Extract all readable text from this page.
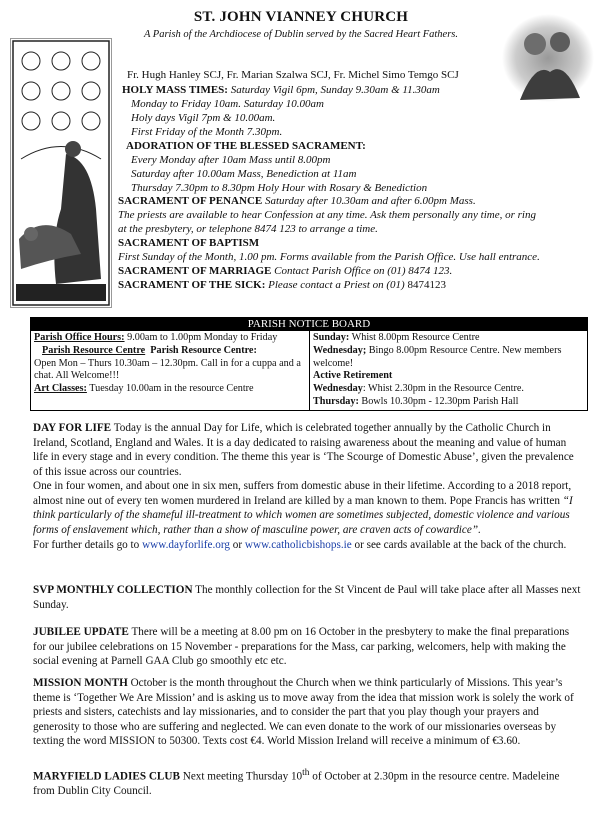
ST. JOHN VIANNEY CHURCH
A Parish of the Archdiocese of Dublin served by the Sacred Heart Fathers.
Fr. Hugh Hanley SCJ, Fr. Marian Szalwa SCJ, Fr. Michel Simo Temgo SCJ
HOLY MASS TIMES: Saturday Vigil 6pm, Sunday 9.30am & 11.30am
Monday to Friday 10am. Saturday 10.00am
Holy days Vigil 7pm & 10.00am.
First Friday of the Month 7.30pm.
ADORATION OF THE BLESSED SACRAMENT:
Every Monday after 10am Mass until 8.00pm
Saturday after 10.00am Mass, Benediction at 11am
Thursday 7.30pm to 8.30pm Holy Hour with Rosary & Benediction
SACRAMENT OF PENANCE Saturday after 10.30am and after 6.00pm Mass.
The priests are available to hear Confession at any time. Ask them personally any time, or ring
at the presbytery, or telephone 8474 123 to arrange a time.
SACRAMENT OF BAPTISM
First Sunday of the Month, 1.00 pm. Forms available from the Parish Office. Use hall entrance.
SACRAMENT OF MARRIAGE Contact Parish Office on (01) 8474 123.
SACRAMENT OF THE SICK: Please contact a Priest on (01) 8474123
PARISH NOTICE BOARD
Parish Office Hours: 9.00am to 1.00pm Monday to Friday
Parish Resource Centre Parish Resource Centre:
Open Mon – Thurs 10.30am – 12.30pm. Call in for a cuppa and a chat. All Welcome!!!
Art Classes: Tuesday 10.00am in the resource Centre
Sunday: Whist 8.00pm Resource Centre
Wednesday; Bingo 8.00pm Resource Centre. New members welcome!
Active Retirement
Wednesday: Whist 2.30pm in the Resource Centre.
Thursday: Bowls 10.30pm - 12.30pm Parish Hall
DAY FOR LIFE Today is the annual Day for Life, which is celebrated together annually by the Catholic Church in Ireland, Scotland, England and Wales. It is a day dedicated to raising awareness about the meaning and value of human life in every stage and in every condition. The theme this year is ‘The Scourge of Domestic Abuse’, given the prevalence of this issue across our countries.
One in four women, and about one in six men, suffers from domestic abuse in their lifetime. According to a 2018 report, almost nine out of every ten women murdered in Ireland are killed by a man known to them. Pope Francis has written “I think particularly of the shameful ill-treatment to which women are sometimes subjected, domestic violence and various forms of enslavement which, rather than a show of masculine power, are craven acts of cowardice”.
For further details go to www.dayforlife.org or www.catholicbishops.ie or see cards available at the back of the church.
SVP MONTHLY COLLECTION The monthly collection for the St Vincent de Paul will take place after all Masses next Sunday.
JUBILEE UPDATE There will be a meeting at 8.00 pm on 16 October in the presbytery to make the final preparations for our jubilee celebrations on 15 November - preparations for the Mass, car parking, welcomers, help with making the social evening at Parnell GAA Club go smoothly etc etc.
MISSION MONTH October is the month throughout the Church when we think particularly of Missions. This year’s theme is ‘Together We Are Mission’ and is asking us to move away from the idea that mission work is solely the work of priests and sisters, catechists and lay missionaries, and to consider the part that you play though your prayers and generosity to those who are suffering and neglected. We can even donate to the work of our missionaries overseas by texting the word MISSION to 50300. Texts cost €4. World Mission Ireland will receive a minimum of €3.60.
MARYFIELD LADIES CLUB Next meeting Thursday 10th of October at 2.30pm in the resource centre. Madeleine from Dublin City Council.
